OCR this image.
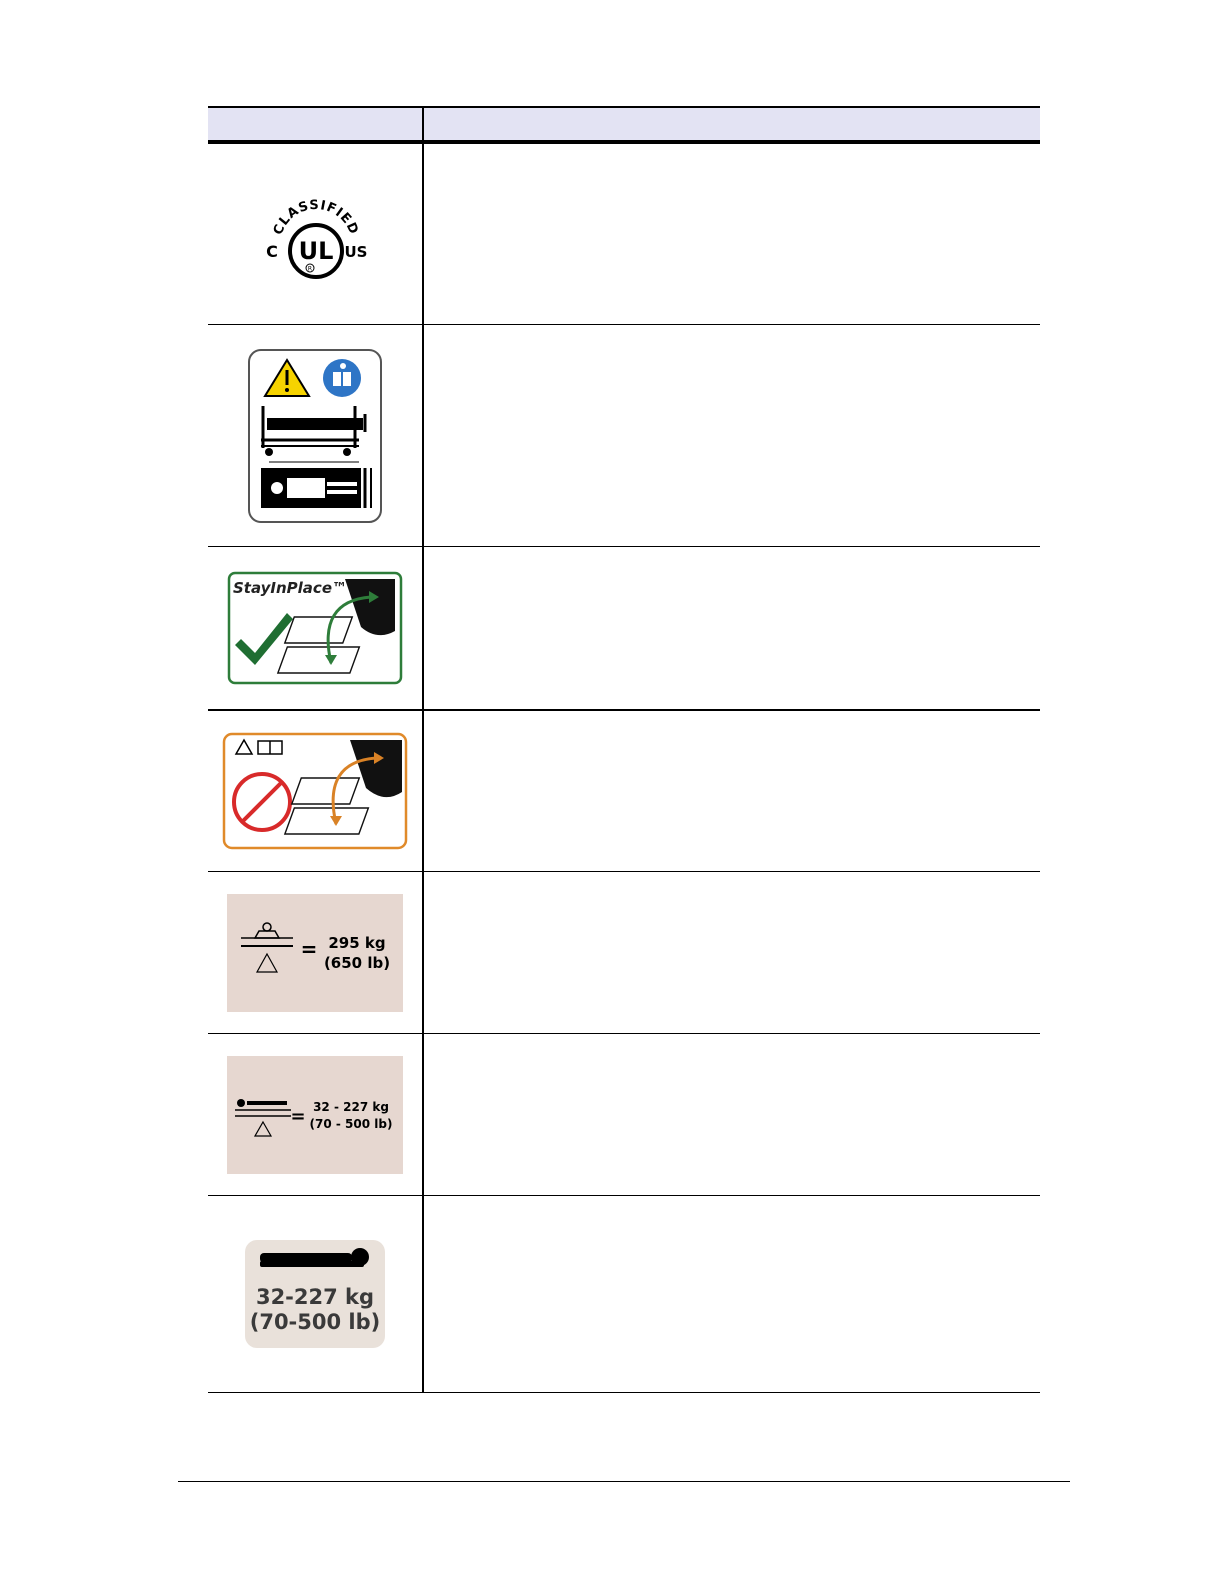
CLASSIFIED
UL
R
C	US
StayInPlace™
= 295 kg
(650 lb)
= 32 - 227 kg
(70 - 500 lb)
32-227 kg
(70-500 lb)
